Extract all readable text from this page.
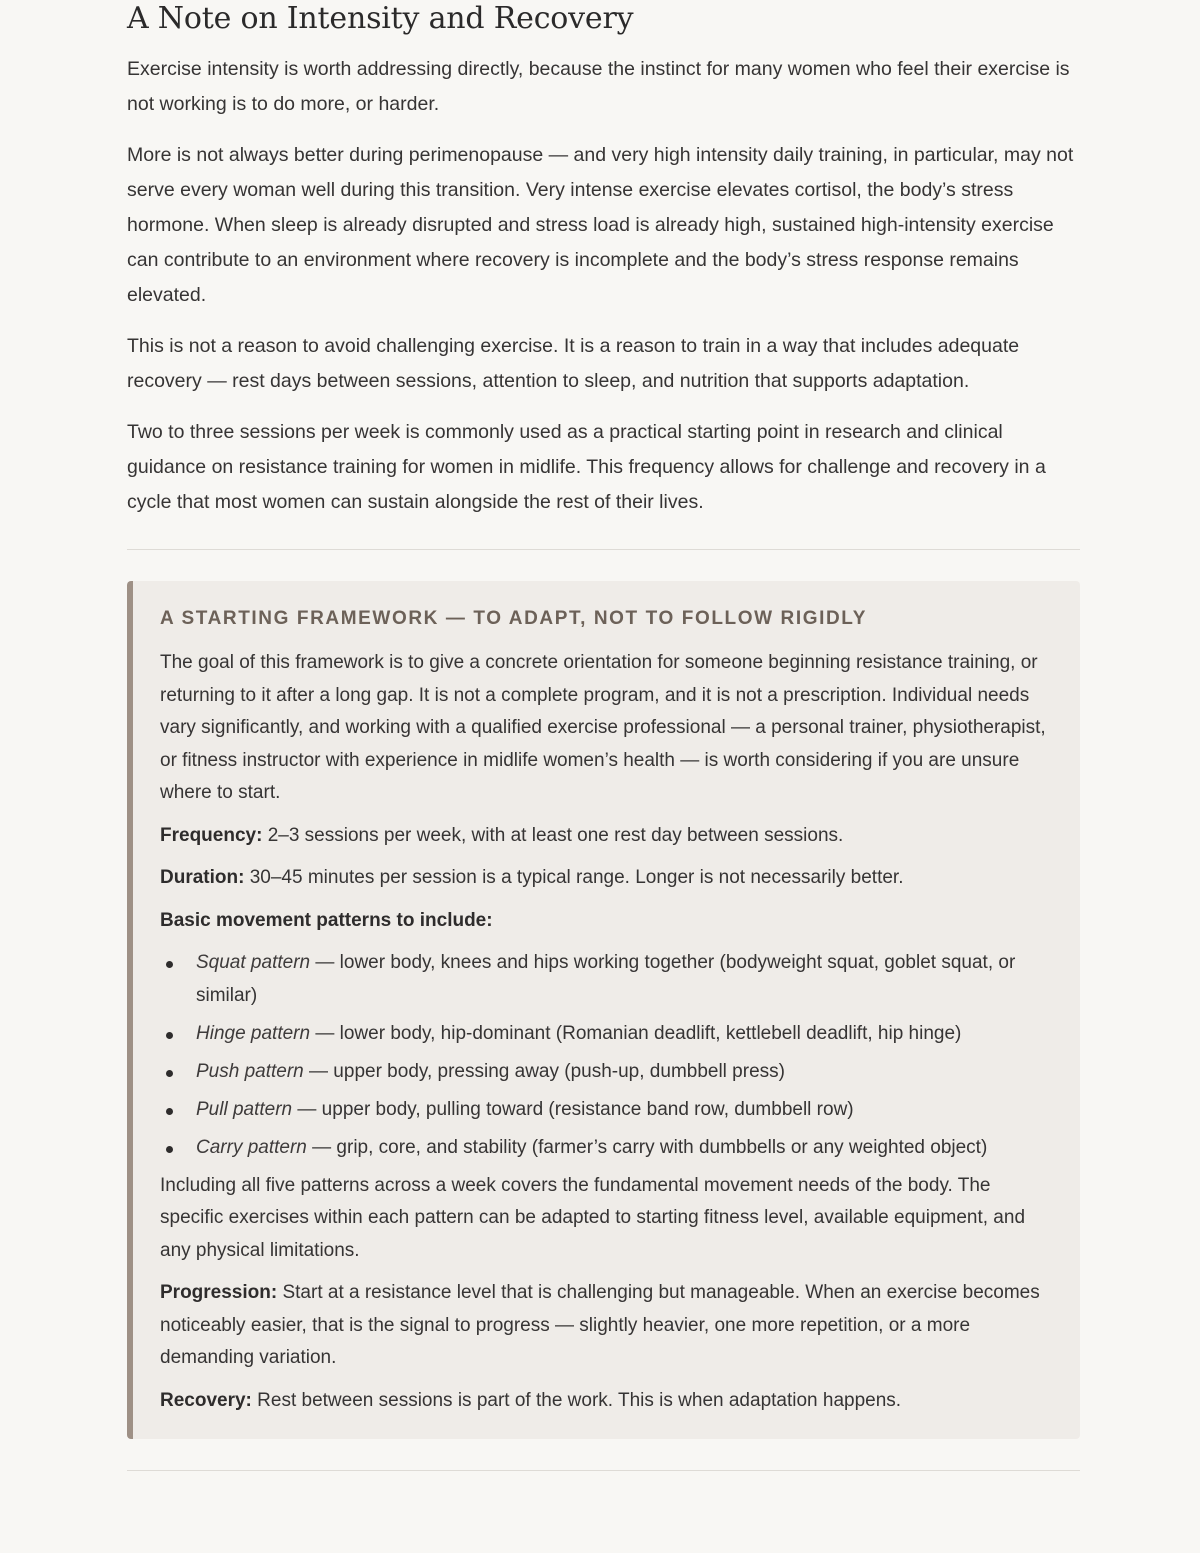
A Note on Intensity and Recovery

Exercise intensity is worth addressing directly, because the instinct for many women who feel their exercise is not working is to do more, or harder.

More is not always better during perimenopause — and very high intensity daily training, in particular, may not serve every woman well during this transition. Very intense exercise elevates cortisol, the body’s stress hormone. When sleep is already disrupted and stress load is already high, sustained high-intensity exercise can contribute to an environment where recovery is incomplete and the body’s stress response remains elevated.

This is not a reason to avoid challenging exercise. It is a reason to train in a way that includes adequate recovery — rest days between sessions, attention to sleep, and nutrition that supports adaptation.

Two to three sessions per week is commonly used as a practical starting point in research and clinical guidance on resistance training for women in midlife. This frequency allows for challenge and recovery in a cycle that most women can sustain alongside the rest of their lives.

A STARTING FRAMEWORK — TO ADAPT, NOT TO FOLLOW RIGIDLY

The goal of this framework is to give a concrete orientation for someone beginning resistance training, or returning to it after a long gap. It is not a complete program, and it is not a prescription. Individual needs vary significantly, and working with a qualified exercise professional — a personal trainer, physiotherapist, or fitness instructor with experience in midlife women’s health — is worth considering if you are unsure where to start.

Frequency: 2–3 sessions per week, with at least one rest day between sessions.

Duration: 30–45 minutes per session is a typical range. Longer is not necessarily better.

Basic movement patterns to include:

Squat pattern — lower body, knees and hips working together (bodyweight squat, goblet squat, or similar)
Hinge pattern — lower body, hip-dominant (Romanian deadlift, kettlebell deadlift, hip hinge)
Push pattern — upper body, pressing away (push-up, dumbbell press)
Pull pattern — upper body, pulling toward (resistance band row, dumbbell row)
Carry pattern — grip, core, and stability (farmer’s carry with dumbbells or any weighted object)

Including all five patterns across a week covers the fundamental movement needs of the body. The specific exercises within each pattern can be adapted to starting fitness level, available equipment, and any physical limitations.

Progression: Start at a resistance level that is challenging but manageable. When an exercise becomes noticeably easier, that is the signal to progress — slightly heavier, one more repetition, or a more demanding variation.

Recovery: Rest between sessions is part of the work. This is when adaptation happens.
